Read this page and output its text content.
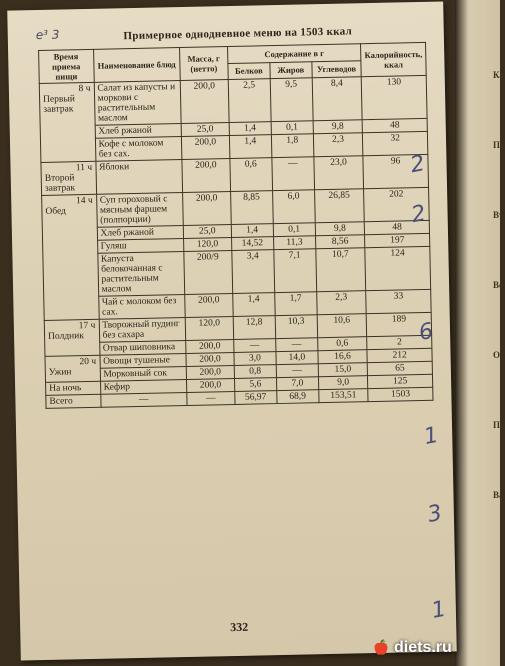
Ка
Пе
Вт
Ве
О
По
Ва
е³ 3	Примерное однодневное меню на 1503 ккал
Время приема пищи	Наименование блюд	Масса, г (нетто)	Содержание в г			Калорийность, ккал
			Белков	Жиров	Углеводов	

8 ч
Первый завтрак	Салат из капусты и моркови с растительным маслом	200,0	2,5	9,5	8,4	130
	Хлеб ржаной	25,0	1,4	0,1	9,8	48
	Кофе с молоком без сах.	200,0	1,4	1,8	2,3	32

11 ч
Второй завтрак	Яблоки	200,0	0,6	—	23,0	96

14 ч
Обед	Суп гороховый с мясным фаршем (полпорции)	200,0	8,85	6,0	26,85	202
	Хлеб ржаной	25,0	1,4	0,1	9,8	48
	Гуляш	120,0	14,52	11,3	8,56	197
	Капуста белокочанная с растительным маслом	200/9	3,4	7,1	10,7	124
	Чай с молоком без сах.	200,0	1,4	1,7	2,3	33

17 ч
Полдник	Творожный пудинг без сахара	120,0	12,8	10,3	10,6	189
	Отвар шиповника	200,0	—	—	0,6	2

20 ч
Ужин	Овощи тушеные	200,0	3,0	14,0	16,6	212
	Морковный сок	200,0	0,8	—	15,0	65

На ночь	Кефир	200,0	5,6	7,0	9,0	125
Всего	—	—	56,97	68,9	153,51	1503
2
2
6
1
3
1
332
diets.ru
